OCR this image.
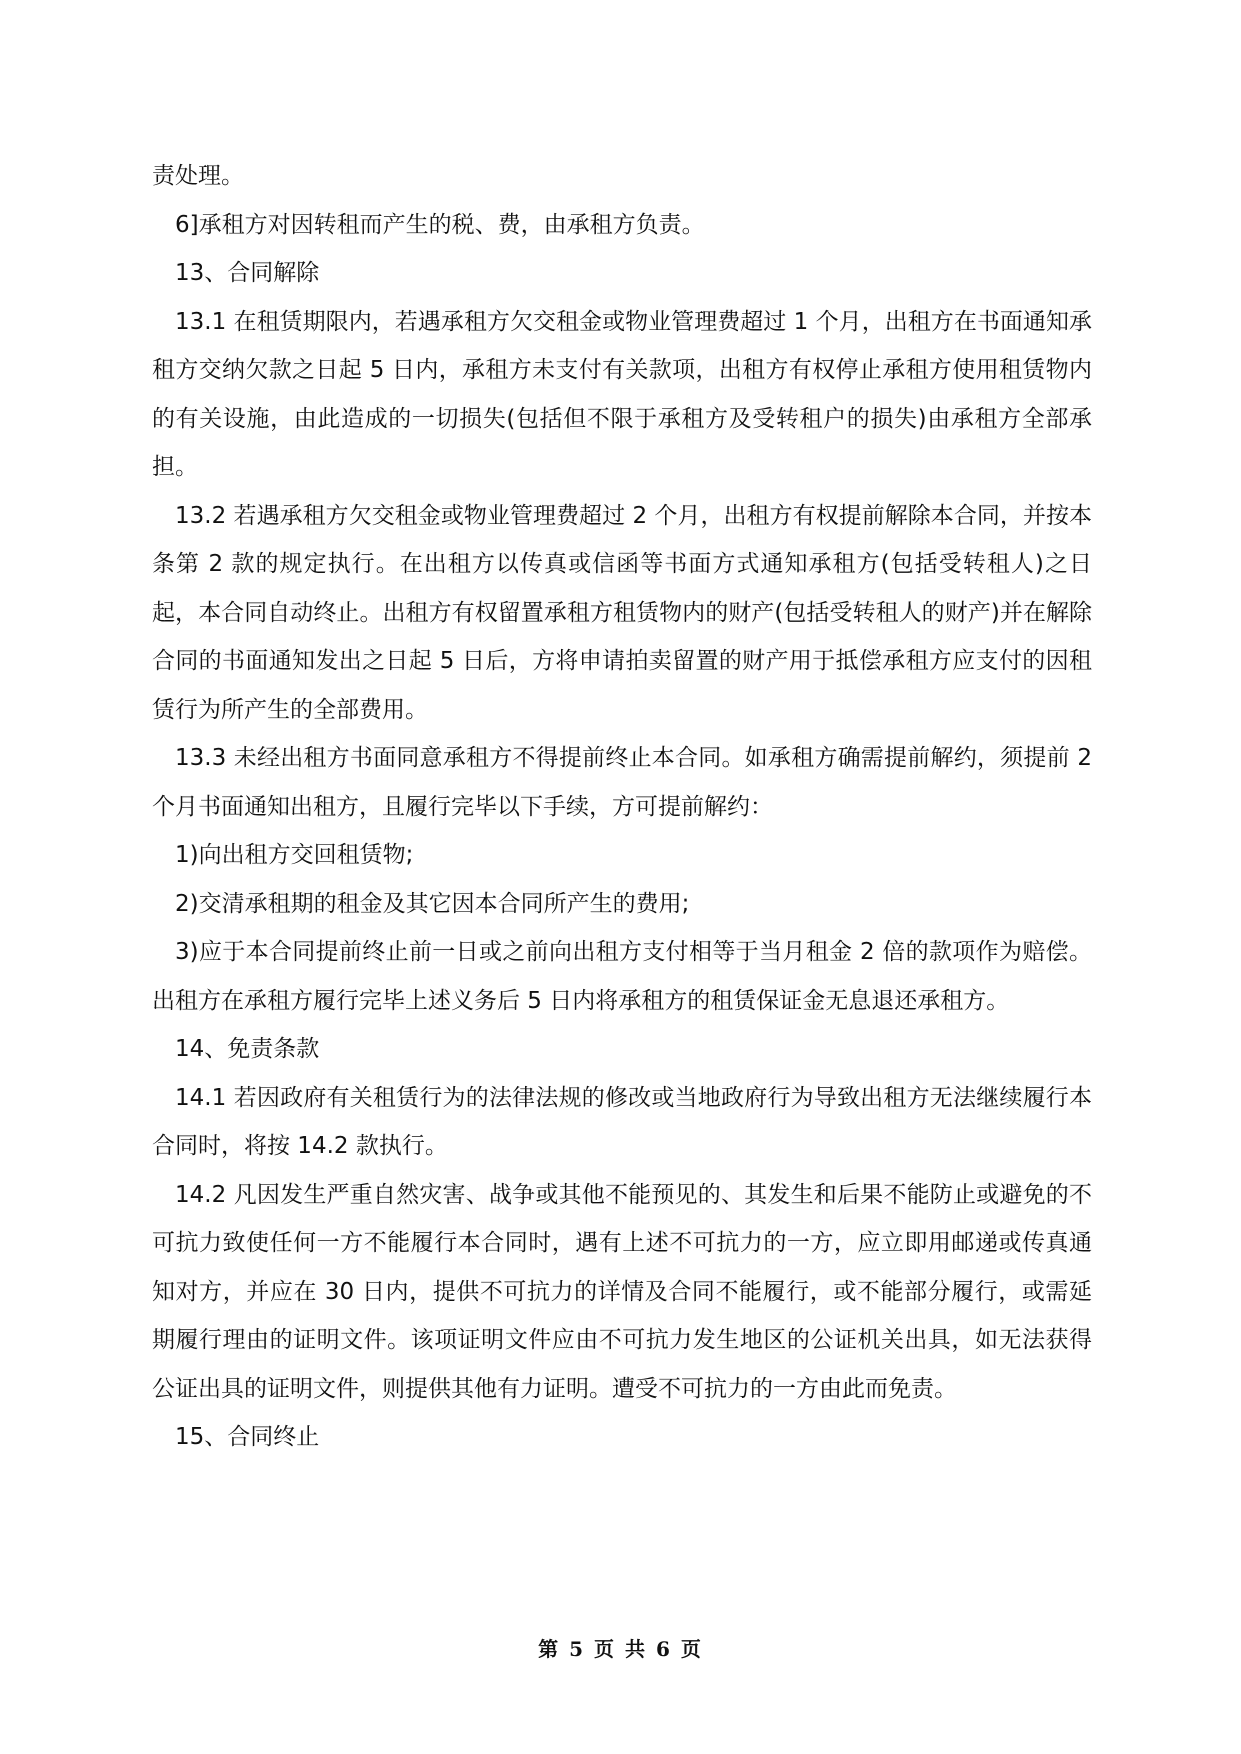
责处理。

6]承租方对因转租而产生的税、费，由承租方负责。

13、合同解除

13.1 在租赁期限内，若遇承租方欠交租金或物业管理费超过 1 个月，出租方在书面通知承租方交纳欠款之日起 5 日内，承租方未支付有关款项，出租方有权停止承租方使用租赁物内的有关设施，由此造成的一切损失(包括但不限于承租方及受转租户的损失)由承租方全部承担。

13.2 若遇承租方欠交租金或物业管理费超过 2 个月，出租方有权提前解除本合同，并按本条第 2 款的规定执行。在出租方以传真或信函等书面方式通知承租方(包括受转租人)之日起，本合同自动终止。出租方有权留置承租方租赁物内的财产(包括受转租人的财产)并在解除合同的书面通知发出之日起 5 日后，方将申请拍卖留置的财产用于抵偿承租方应支付的因租赁行为所产生的全部费用。

13.3 未经出租方书面同意承租方不得提前终止本合同。如承租方确需提前解约，须提前 2 个月书面通知出租方，且履行完毕以下手续，方可提前解约：

1)向出租方交回租赁物;

2)交清承租期的租金及其它因本合同所产生的费用;

3)应于本合同提前终止前一日或之前向出租方支付相等于当月租金 2 倍的款项作为赔偿。出租方在承租方履行完毕上述义务后 5 日内将承租方的租赁保证金无息退还承租方。

14、免责条款

14.1 若因政府有关租赁行为的法律法规的修改或当地政府行为导致出租方无法继续履行本合同时，将按 14.2 款执行。

14.2 凡因发生严重自然灾害、战争或其他不能预见的、其发生和后果不能防止或避免的不可抗力致使任何一方不能履行本合同时，遇有上述不可抗力的一方，应立即用邮递或传真通知对方，并应在 30 日内，提供不可抗力的详情及合同不能履行，或不能部分履行，或需延期履行理由的证明文件。该项证明文件应由不可抗力发生地区的公证机关出具，如无法获得公证出具的证明文件，则提供其他有力证明。遭受不可抗力的一方由此而免责。

15、合同终止

第 5 页 共 6 页
